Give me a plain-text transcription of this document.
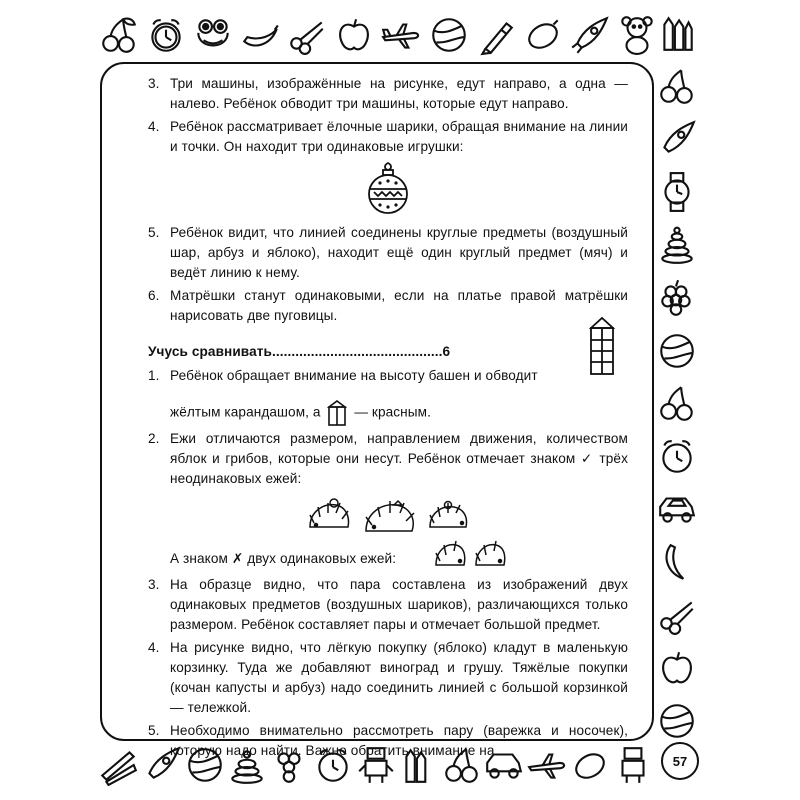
57
3. Три машины, изображённые на рисунке, едут направо, а одна — налево. Ребёнок обводит три машины, которые едут направо.

4. Ребёнок рассматривает ёлочные шарики, обращая внимание на линии и точки. Он находит три одинаковые игрушки:

5. Ребёнок видит, что линией соединены круглые предметы (воздушный шар, арбуз и яблоко), находит ещё один круглый предмет (мяч) и ведёт линию к нему.

6. Матрёшки станут одинаковыми, если на платье правой матрёшки нарисовать две пуговицы.

Учусь сравнивать............................................6
1. Ребёнок обращает внимание на высоту башен и обводит

жёлтым карандашом, а — красным.

2. Ежи отличаются размером, направлением движения, количеством яблок и грибов, которые они несут. Ребёнок отмечает знаком ✓ трёх неодинаковых ежей:

А знаком ✗ двух одинаковых ежей:

3. На образце видно, что пара составлена из изображений двух одинаковых предметов (воздушных шариков), различающихся только размером. Ребёнок составляет пары и отмечает большой предмет.

4. На рисунке видно, что лёгкую покупку (яблоко) кладут в маленькую корзинку. Туда же добавляют виноград и грушу. Тяжёлые покупки (кочан капусты и арбуз) надо соединить линией с большой корзинкой — тележкой.

5. Необходимо внимательно рассмотреть пару (варежка и носочек), которую надо найти. Важно обратить внимание на
